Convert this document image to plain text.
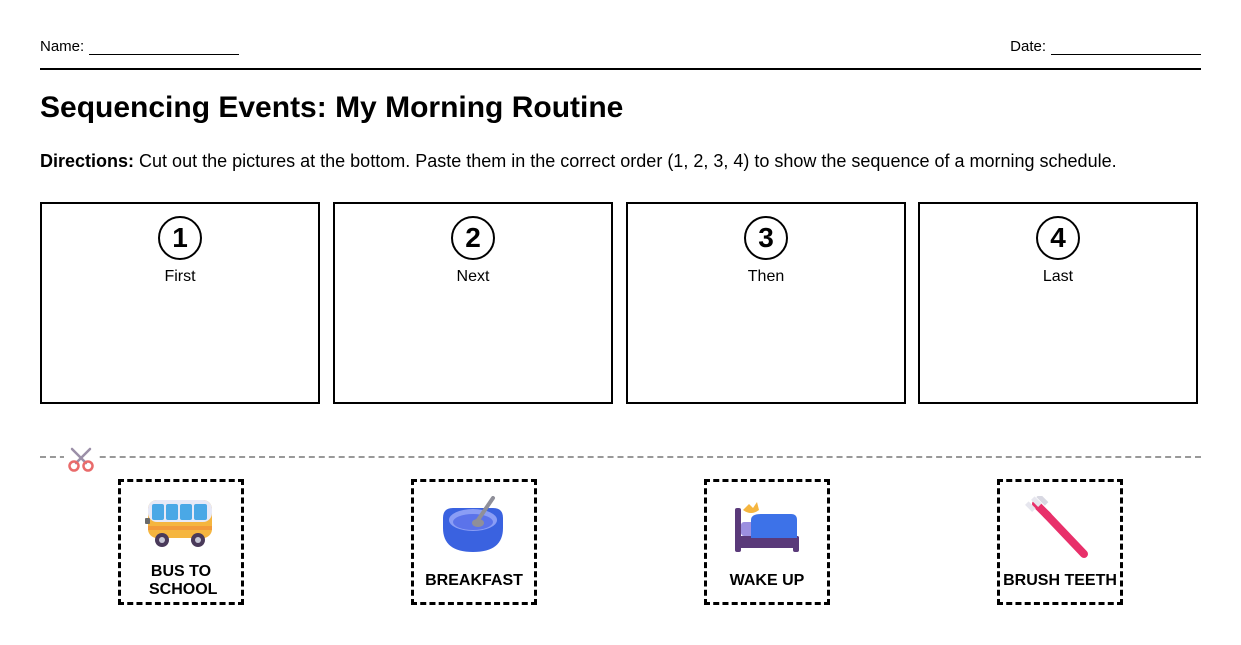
Name:	Date:
Sequencing Events: My Morning Routine
Directions: Cut out the pictures at the bottom. Paste them in the correct order (1, 2, 3, 4) to show the sequence of a morning schedule.
1
First
2
Next
3
Then
4
Last
BUS TO SCHOOL
BREAKFAST	WAKE UP	BRUSH TEETH
